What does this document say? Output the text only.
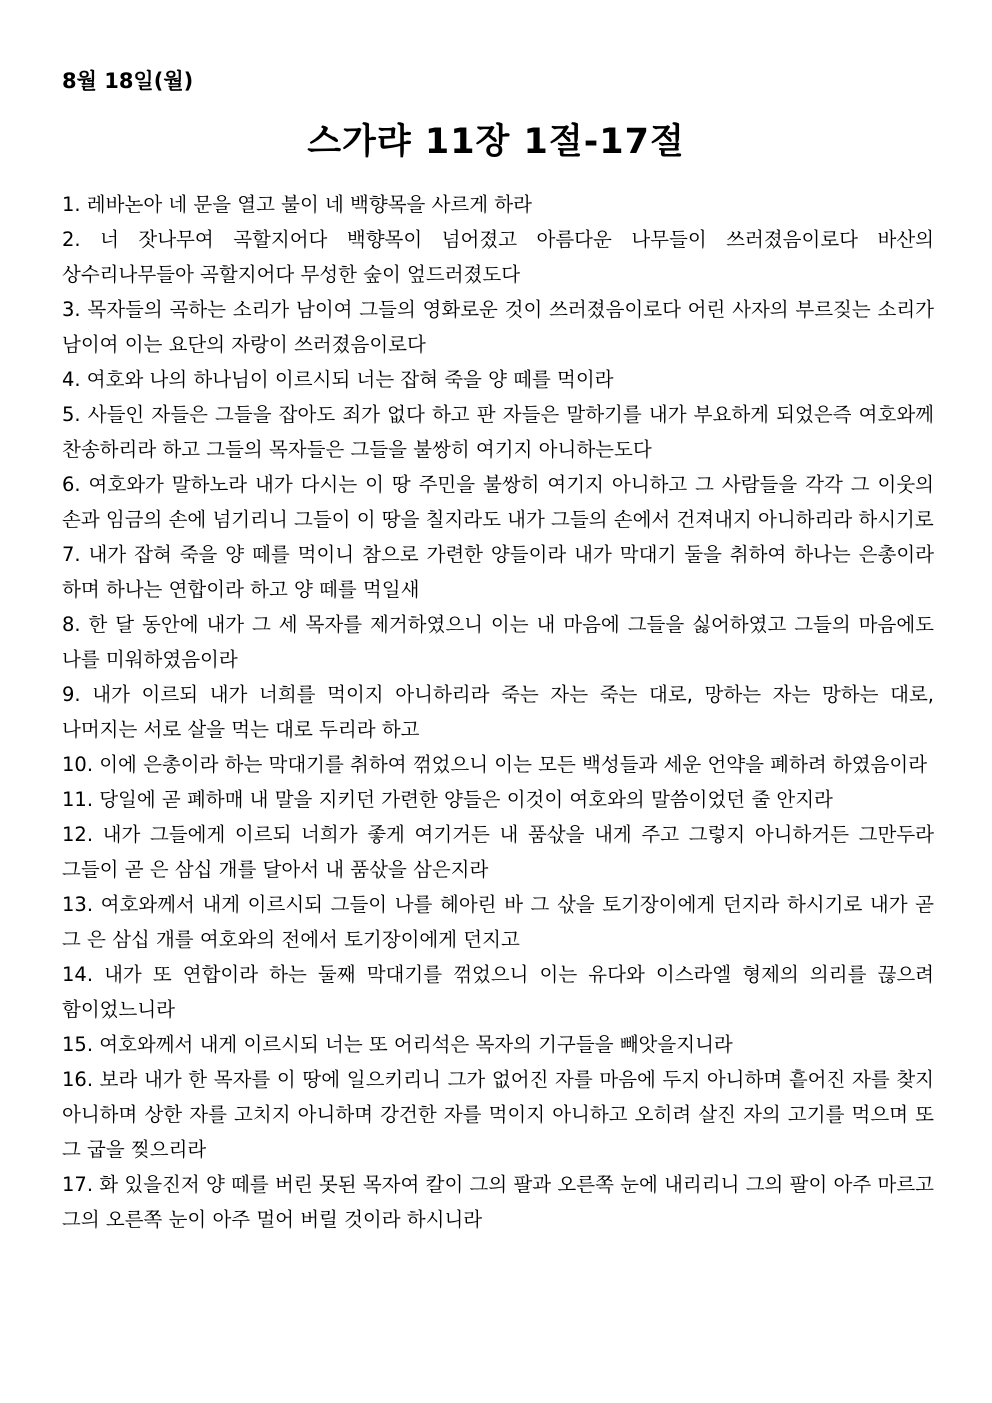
8월 18일(월)
스가랴 11장 1절-17절
1. 레바논아 네 문을 열고 불이 네 백향목을 사르게 하라
2. 너 잣나무여 곡할지어다 백향목이 넘어졌고 아름다운 나무들이 쓰러졌음이로다 바산의 상수리나무들아 곡할지어다 무성한 숲이 엎드러졌도다
3. 목자들의 곡하는 소리가 남이여 그들의 영화로운 것이 쓰러졌음이로다 어린 사자의 부르짖는 소리가 남이여 이는 요단의 자랑이 쓰러졌음이로다
4. 여호와 나의 하나님이 이르시되 너는 잡혀 죽을 양 떼를 먹이라
5. 사들인 자들은 그들을 잡아도 죄가 없다 하고 판 자들은 말하기를 내가 부요하게 되었은즉 여호와께 찬송하리라 하고 그들의 목자들은 그들을 불쌍히 여기지 아니하는도다
6. 여호와가 말하노라 내가 다시는 이 땅 주민을 불쌍히 여기지 아니하고 그 사람들을 각각 그 이웃의 손과 임금의 손에 넘기리니 그들이 이 땅을 칠지라도 내가 그들의 손에서 건져내지 아니하리라 하시기로
7. 내가 잡혀 죽을 양 떼를 먹이니 참으로 가련한 양들이라 내가 막대기 둘을 취하여 하나는 은총이라 하며 하나는 연합이라 하고 양 떼를 먹일새
8. 한 달 동안에 내가 그 세 목자를 제거하였으니 이는 내 마음에 그들을 싫어하였고 그들의 마음에도 나를 미워하였음이라
9. 내가 이르되 내가 너희를 먹이지 아니하리라 죽는 자는 죽는 대로, 망하는 자는 망하는 대로, 나머지는 서로 살을 먹는 대로 두리라 하고
10. 이에 은총이라 하는 막대기를 취하여 꺾었으니 이는 모든 백성들과 세운 언약을 폐하려 하였음이라
11. 당일에 곧 폐하매 내 말을 지키던 가련한 양들은 이것이 여호와의 말씀이었던 줄 안지라
12. 내가 그들에게 이르되 너희가 좋게 여기거든 내 품삯을 내게 주고 그렇지 아니하거든 그만두라 그들이 곧 은 삼십 개를 달아서 내 품삯을 삼은지라
13. 여호와께서 내게 이르시되 그들이 나를 헤아린 바 그 삯을 토기장이에게 던지라 하시기로 내가 곧 그 은 삼십 개를 여호와의 전에서 토기장이에게 던지고
14. 내가 또 연합이라 하는 둘째 막대기를 꺾었으니 이는 유다와 이스라엘 형제의 의리를 끊으려 함이었느니라
15. 여호와께서 내게 이르시되 너는 또 어리석은 목자의 기구들을 빼앗을지니라
16. 보라 내가 한 목자를 이 땅에 일으키리니 그가 없어진 자를 마음에 두지 아니하며 흩어진 자를 찾지 아니하며 상한 자를 고치지 아니하며 강건한 자를 먹이지 아니하고 오히려 살진 자의 고기를 먹으며 또 그 굽을 찢으리라
17. 화 있을진저 양 떼를 버린 못된 목자여 칼이 그의 팔과 오른쪽 눈에 내리리니 그의 팔이 아주 마르고 그의 오른쪽 눈이 아주 멀어 버릴 것이라 하시니라
